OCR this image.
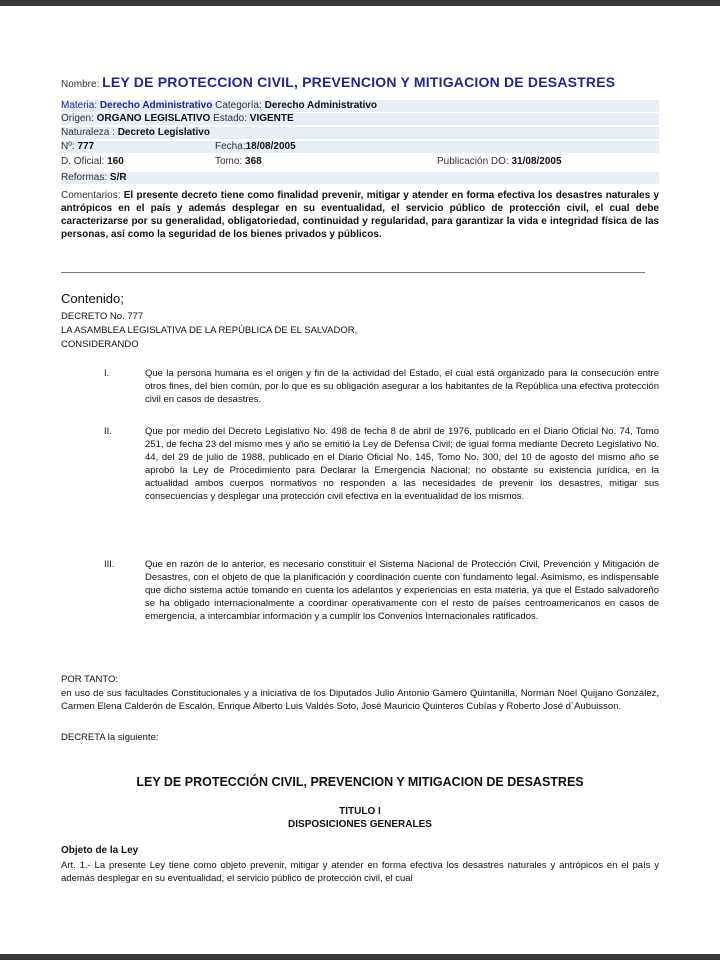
Nombre: LEY DE PROTECCION CIVIL, PREVENCION Y MITIGACION DE DESASTRES
Materia: Derecho Administrativo Categoría: Derecho Administrativo
Origen: ORGANO LEGISLATIVO Estado: VIGENTE
Naturaleza : Decreto Legislativo
Nº: 777	Fecha:18/08/2005
D. Oficial: 160	Tomo: 368	Publicación DO: 31/08/2005
Reformas: S/R
Comentarios: El presente decreto tiene como finalidad prevenir, mitigar y atender en forma efectiva los desastres naturales y antrópicos en el país y además desplegar en su eventualidad, el servicio público de protección civil, el cual debe caracterizarse por su generalidad, obligatoriedad, continuidad y regularidad, para garantizar la vida e integridad física de las personas, así como la seguridad de los bienes privados y públicos.
Contenido;
DECRETO No. 777
LA ASAMBLEA LEGISLATIVA DE LA REPÚBLICA DE EL SALVADOR,
CONSIDERANDO
I.	Que la persona humana es el origen y fin de la actividad del Estado, el cual está organizado para la consecución entre otros fines, del bien común, por lo que es su obligación asegurar a los habitantes de la República una efectiva protección civil en casos de desastres.
II.	Que por medio del Decreto Legislativo No. 498 de fecha 8 de abril de 1976, publicado en el Diario Oficial No. 74, Tomo 251, de fecha 23 del mismo mes y año se emitió la Ley de Defensa Civil; de igual forma mediante Decreto Legislativo No. 44, del 29 de julio de 1988, publicado en el Diario Oficial No. 145, Tomo No. 300, del 10 de agosto del mismo año se aprobó la Ley de Procedimiento para Declarar la Emergencia Nacional; no obstante su existencia jurídica, en la actualidad ambos cuerpos normativos no responden a las necesidades de prevenir los desastres, mitigar sus consecuencias y desplegar una protección civil efectiva en la eventualidad de los mismos.
III.	Que en razón de lo anterior, es necesario constituir el Sistema Nacional de Protección Civil, Prevención y Mitigación de Desastres, con el objeto de que la planificación y coordinación cuente con fundamento legal. Asimismo, es indispensable que dicho sistema actúe tomando en cuenta los adelantos y experiencias en esta materia, ya que el Estado salvadoreño se ha obligado internacionalmente a coordinar operativamente con el resto de países centroamericanos en casos de emergencia, a intercambiar información y a cumplir los Convenios Internacionales ratificados.
POR TANTO:
en uso de sus facultades Constitucionales y a iniciativa de los Diputados Julio Antonio Gamero Quintanilla, Norman Noel Quijano González, Carmen Elena Calderón de Escalón, Enrique Alberto Luis Valdés Soto, José Mauricio Quinteros Cubías y Roberto José d´Aubuisson.
DECRETA la siguiente:
LEY DE PROTECCIÓN CIVIL, PREVENCION Y MITIGACION DE DESASTRES
TITULO I
DISPOSICIONES GENERALES
Objeto de la Ley
Art. 1.- La presente Ley tiene como objeto prevenir, mitigar y atender en forma efectiva los desastres naturales y antrópicos en el país y además desplegar en su eventualidad, el servicio público de protección civil, el cual
